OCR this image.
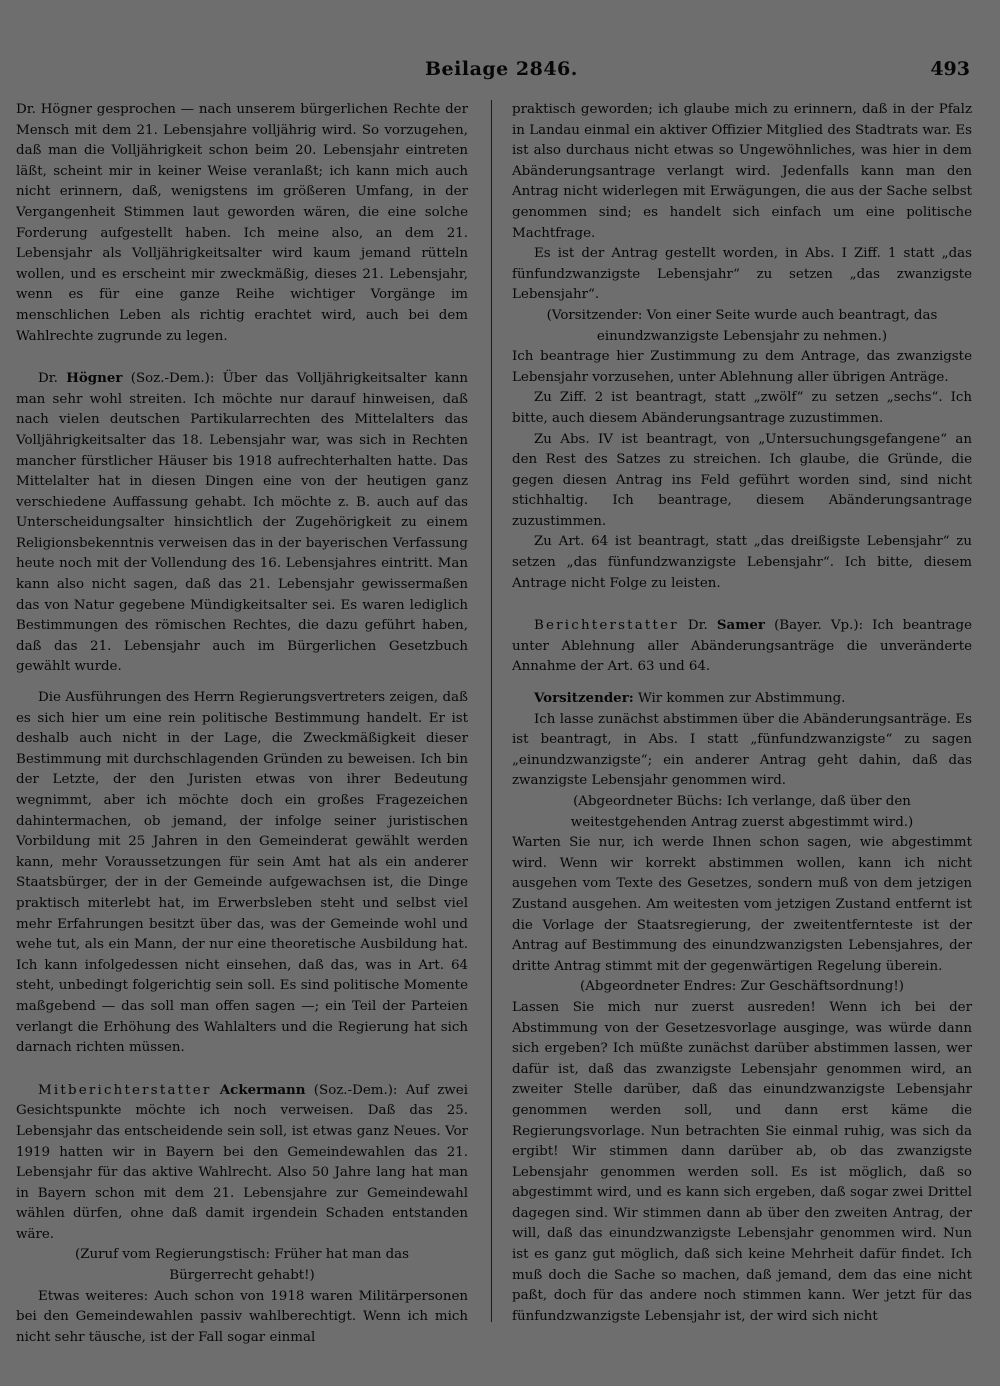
Beilage 2846.	493

Dr. Högner gesprochen — nach unserem bürgerlichen Rechte der Mensch mit dem 21. Lebensjahre volljährig wird. So vorzugehen, daß man die Volljährigkeit schon beim 20. Lebensjahr eintreten läßt, scheint mir in keiner Weise veranlaßt; ich kann mich auch nicht erinnern, daß, wenigstens im größeren Umfang, in der Vergangenheit Stimmen laut geworden wären, die eine solche Forderung aufgestellt haben. Ich meine also, an dem 21. Lebensjahr als Volljährigkeitsalter wird kaum jemand rütteln wollen, und es erscheint mir zweckmäßig, dieses 21. Lebensjahr, wenn es für eine ganze Reihe wichtiger Vorgänge im menschlichen Leben als richtig erachtet wird, auch bei dem Wahlrechte zugrunde zu legen.

Dr. Högner (Soz.-Dem.): Über das Volljährigkeitsalter kann man sehr wohl streiten. Ich möchte nur darauf hinweisen, daß nach vielen deutschen Partikularrechten des Mittelalters das Volljährigkeitsalter das 18. Lebensjahr war, was sich in Rechten mancher fürstlicher Häuser bis 1918 aufrechterhalten hatte. Das Mittelalter hat in diesen Dingen eine von der heutigen ganz verschiedene Auffassung gehabt. Ich möchte z. B. auch auf das Unterscheidungsalter hinsichtlich der Zugehörigkeit zu einem Religionsbekenntnis verweisen das in der bayerischen Verfassung heute noch mit der Vollendung des 16. Lebensjahres eintritt. Man kann also nicht sagen, daß das 21. Lebensjahr gewissermaßen das von Natur gegebene Mündigkeitsalter sei. Es waren lediglich Bestimmungen des römischen Rechtes, die dazu geführt haben, daß das 21. Lebensjahr auch im Bürgerlichen Gesetzbuch gewählt wurde.

Die Ausführungen des Herrn Regierungsvertreters zeigen, daß es sich hier um eine rein politische Bestimmung handelt. Er ist deshalb auch nicht in der Lage, die Zweckmäßigkeit dieser Bestimmung mit durchschlagenden Gründen zu beweisen. Ich bin der Letzte, der den Juristen etwas von ihrer Bedeutung wegnimmt, aber ich möchte doch ein großes Fragezeichen dahintermachen, ob jemand, der infolge seiner juristischen Vorbildung mit 25 Jahren in den Gemeinderat gewählt werden kann, mehr Voraussetzungen für sein Amt hat als ein anderer Staatsbürger, der in der Gemeinde aufgewachsen ist, die Dinge praktisch miterlebt hat, im Erwerbsleben steht und selbst viel mehr Erfahrungen besitzt über das, was der Gemeinde wohl und wehe tut, als ein Mann, der nur eine theoretische Ausbildung hat. Ich kann infolgedessen nicht einsehen, daß das, was in Art. 64 steht, unbedingt folgerichtig sein soll. Es sind politische Momente maßgebend — das soll man offen sagen —; ein Teil der Parteien verlangt die Erhöhung des Wahlalters und die Regierung hat sich darnach richten müssen.

Mitberichterstatter Ackermann (Soz.-Dem.): Auf zwei Gesichtspunkte möchte ich noch verweisen. Daß das 25. Lebensjahr das entscheidende sein soll, ist etwas ganz Neues. Vor 1919 hatten wir in Bayern bei den Gemeindewahlen das 21. Lebensjahr für das aktive Wahlrecht. Also 50 Jahre lang hat man in Bayern schon mit dem 21. Lebensjahre zur Gemeindewahl wählen dürfen, ohne daß damit irgendein Schaden entstanden wäre.

(Zuruf vom Regierungstisch: Früher hat man das Bürgerrecht gehabt!)

Etwas weiteres: Auch schon von 1918 waren Militärpersonen bei den Gemeindewahlen passiv wahlberechtigt. Wenn ich mich nicht sehr täusche, ist der Fall sogar einmal

praktisch geworden; ich glaube mich zu erinnern, daß in der Pfalz in Landau einmal ein aktiver Offizier Mitglied des Stadtrats war. Es ist also durchaus nicht etwas so Ungewöhnliches, was hier in dem Abänderungsantrage verlangt wird. Jedenfalls kann man den Antrag nicht widerlegen mit Erwägungen, die aus der Sache selbst genommen sind; es handelt sich einfach um eine politische Machtfrage.

Es ist der Antrag gestellt worden, in Abs. I Ziff. 1 statt „das fünfundzwanzigste Lebensjahr“ zu setzen „das zwanzigste Lebensjahr“.

(Vorsitzender: Von einer Seite wurde auch beantragt, das einundzwanzigste Lebensjahr zu nehmen.)

Ich beantrage hier Zustimmung zu dem Antrage, das zwanzigste Lebensjahr vorzusehen, unter Ablehnung aller übrigen Anträge.

Zu Ziff. 2 ist beantragt, statt „zwölf“ zu setzen „sechs“. Ich bitte, auch diesem Abänderungsantrage zuzustimmen.

Zu Abs. IV ist beantragt, von „Untersuchungsgefangene“ an den Rest des Satzes zu streichen. Ich glaube, die Gründe, die gegen diesen Antrag ins Feld geführt worden sind, sind nicht stichhaltig. Ich beantrage, diesem Abänderungsantrage zuzustimmen.

Zu Art. 64 ist beantragt, statt „das dreißigste Lebensjahr“ zu setzen „das fünfundzwanzigste Lebensjahr“. Ich bitte, diesem Antrage nicht Folge zu leisten.

Berichterstatter Dr. Samer (Bayer. Vp.): Ich beantrage unter Ablehnung aller Abänderungsanträge die unveränderte Annahme der Art. 63 und 64.

Vorsitzender: Wir kommen zur Abstimmung.

Ich lasse zunächst abstimmen über die Abänderungsanträge. Es ist beantragt, in Abs. I statt „fünfundzwanzigste“ zu sagen „einundzwanzigste“; ein anderer Antrag geht dahin, daß das zwanzigste Lebensjahr genommen wird.

(Abgeordneter Büchs: Ich verlange, daß über den weitestgehenden Antrag zuerst abgestimmt wird.)

Warten Sie nur, ich werde Ihnen schon sagen, wie abgestimmt wird. Wenn wir korrekt abstimmen wollen, kann ich nicht ausgehen vom Texte des Gesetzes, sondern muß von dem jetzigen Zustand ausgehen. Am weitesten vom jetzigen Zustand entfernt ist die Vorlage der Staatsregierung, der zweitentfernteste ist der Antrag auf Bestimmung des einundzwanzigsten Lebensjahres, der dritte Antrag stimmt mit der gegenwärtigen Regelung überein.

(Abgeordneter Endres: Zur Geschäftsordnung!)

Lassen Sie mich nur zuerst ausreden! Wenn ich bei der Abstimmung von der Gesetzesvorlage ausginge, was würde dann sich ergeben? Ich müßte zunächst darüber abstimmen lassen, wer dafür ist, daß das zwanzigste Lebensjahr genommen wird, an zweiter Stelle darüber, daß das einundzwanzigste Lebensjahr genommen werden soll, und dann erst käme die Regierungsvorlage. Nun betrachten Sie einmal ruhig, was sich da ergibt! Wir stimmen dann darüber ab, ob das zwanzigste Lebensjahr genommen werden soll. Es ist möglich, daß so abgestimmt wird, und es kann sich ergeben, daß sogar zwei Drittel dagegen sind. Wir stimmen dann ab über den zweiten Antrag, der will, daß das einundzwanzigste Lebensjahr genommen wird. Nun ist es ganz gut möglich, daß sich keine Mehrheit dafür findet. Ich muß doch die Sache so machen, daß jemand, dem das eine nicht paßt, doch für das andere noch stimmen kann. Wer jetzt für das fünfundzwanzigste Lebensjahr ist, der wird sich nicht
